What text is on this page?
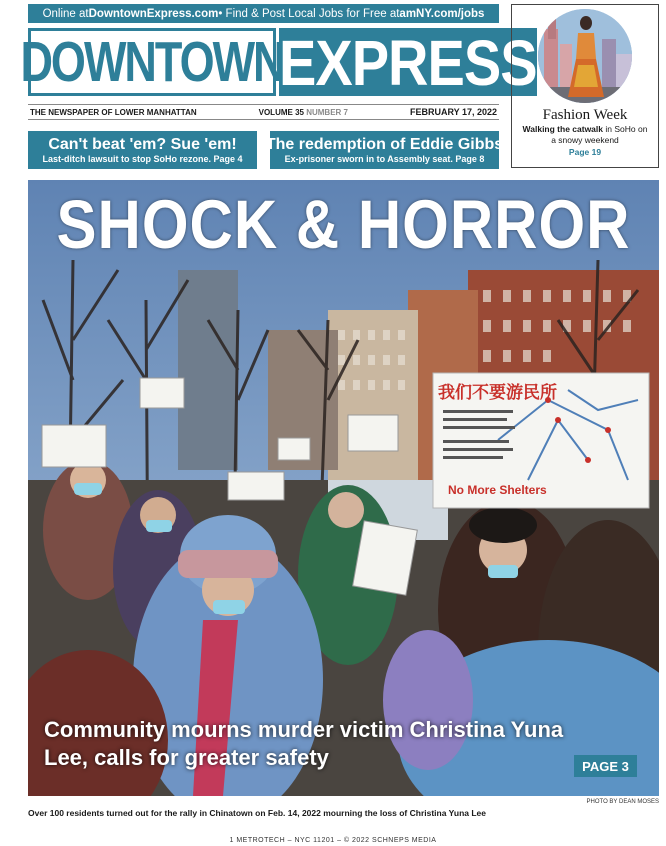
Online at DowntownExpress.com • Find & Post Local Jobs for Free at amNY.com/jobs
DOWNTOWN
EXPRESS
THE NEWSPAPER OF LOWER MANHATTAN	VOLUME 35 NUMBER 7	FEBRUARY 17, 2022
Can't beat 'em? Sue 'em!
Last-ditch lawsuit to stop SoHo rezone. Page 4
The redemption of Eddie Gibbs
Ex-prisoner sworn in to Assembly seat. Page 8
Fashion Week
Walking the catwalk in SoHo on a snowy weekend
Page 19
我们不要游民所
No More Shelters
SHOCK & HORROR
Community mourns murder victim Christina Yuna Lee, calls for greater safety	PAGE 3
PHOTO BY DEAN MOSES
Over 100 residents turned out for the rally in Chinatown on Feb. 14, 2022 mourning the loss of Christina Yuna Lee
1 METROTECH – NYC 11201 – © 2022 SCHNEPS MEDIA
